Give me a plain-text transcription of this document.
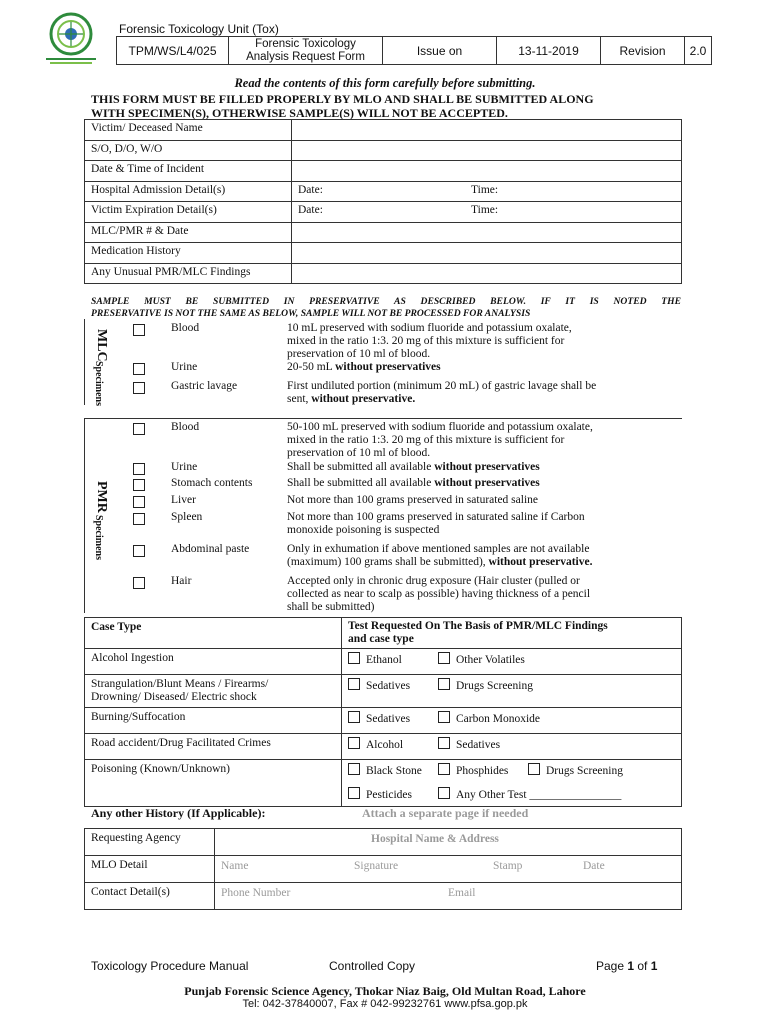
Forensic Toxicology Unit (Tox)
TPM/WS/L4/025	Forensic Toxicology
Analysis Request Form	Issue on	13-11-2019	Revision	2.0
Read the contents of this form carefully before submitting.
THIS FORM MUST BE FILLED PROPERLY BY MLO AND SHALL BE SUBMITTED ALONG
WITH SPECIMEN(S), OTHERWISE SAMPLE(S) WILL NOT BE ACCEPTED.
Victim/ Deceased Name	
S/O, D/O, W/O	
Date & Time of Incident	
Hospital Admission Detail(s)	Date: Time:
Victim Expiration Detail(s)	Date: Time:
MLC/PMR # & Date	
Medication History	
Any Unusual PMR/MLC Findings	
SAMPLE MUST BE SUBMITTED IN PRESERVATIVE AS DESCRIBED BELOW. IF IT IS NOTED THE
PRESERVATIVE IS NOT THE SAME AS BELOW, SAMPLE WILL NOT BE PROCESSED FOR ANALYSIS
MLC
Specimens
Blood	10 mL preserved with sodium fluoride and potassium oxalate,
mixed in the ratio 1:3. 20 mg of this mixture is sufficient for
preservation of 10 ml of blood.
Urine	20-50 mL without preservatives
Gastric lavage	First undiluted portion (minimum 20 mL) of gastric lavage shall be
sent, without preservative.
PMR
Specimens
Blood	50-100 mL preserved with sodium fluoride and potassium oxalate,
mixed in the ratio 1:3. 20 mg of this mixture is sufficient for
preservation of 10 ml of blood.
Urine	Shall be submitted all available without preservatives
Stomach contents	Shall be submitted all available without preservatives
Liver	Not more than 100 grams preserved in saturated saline
Spleen	Not more than 100 grams preserved in saturated saline if Carbon
monoxide poisoning is suspected
Abdominal paste	Only in exhumation if above mentioned samples are not available
(maximum) 100 grams shall be submitted), without preservative.
Hair	Accepted only in chronic drug exposure (Hair cluster (pulled or
collected as near to scalp as possible) having thickness of a pencil
shall be submitted)
Case Type	Test Requested On The Basis of PMR/MLC Findings
and case type

Alcohol Ingestion	Ethanol Other Volatiles

Strangulation/Blunt Means / Firearms/
Drowning/ Diseased/ Electric shock	Sedatives Drugs Screening

Burning/Suffocation	Sedatives Carbon Monoxide

Road accident/Drug Facilitated Crimes	Alcohol Sedatives

Poisoning (Known/Unknown)	Black Stone Phosphides Drugs Screening
Pesticides Any Other Test ________________
Any other History (If Applicable):	Attach a separate page if needed
Requesting Agency	Hospital Name & Address

MLO Detail	Name Signature Stamp Date

Contact Detail(s)	Phone Number Email
Toxicology Procedure Manual	Controlled Copy	Page 1 of 1
Punjab Forensic Science Agency, Thokar Niaz Baig, Old Multan Road, Lahore
Tel: 042-37840007, Fax # 042-99232761 www.pfsa.gop.pk
